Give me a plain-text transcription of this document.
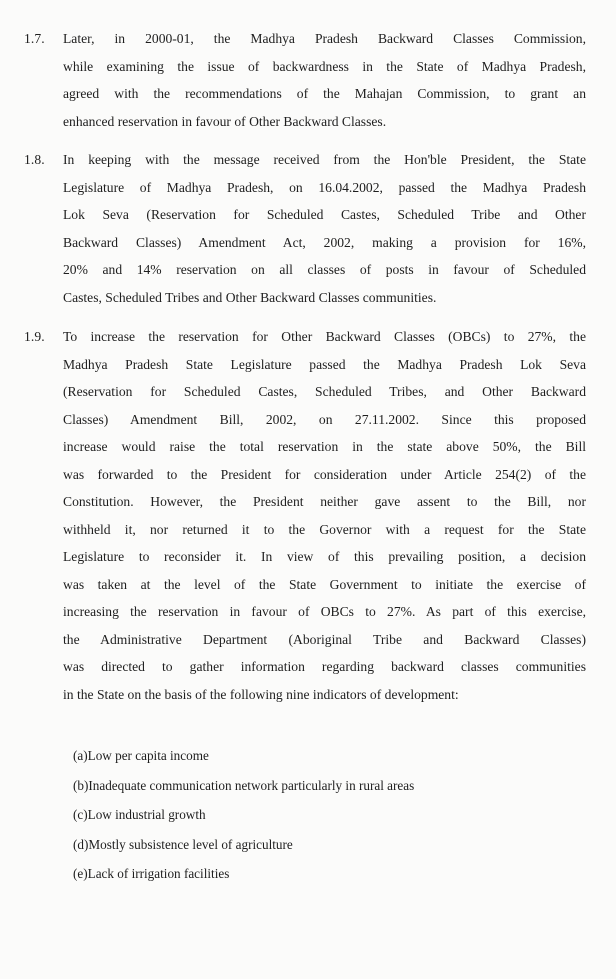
1.7. Later, in 2000-01, the Madhya Pradesh Backward Classes Commission,
while examining the issue of backwardness in the State of Madhya Pradesh,
agreed with the recommendations of the Mahajan Commission, to grant an
enhanced reservation in favour of Other Backward Classes.
1.8. In keeping with the message received from the Hon'ble President, the State
Legislature of Madhya Pradesh, on 16.04.2002, passed the Madhya Pradesh
Lok Seva (Reservation for Scheduled Castes, Scheduled Tribe and Other
Backward Classes) Amendment Act, 2002, making a provision for 16%,
20% and 14% reservation on all classes of posts in favour of Scheduled
Castes, Scheduled Tribes and Other Backward Classes communities.
1.9. To increase the reservation for Other Backward Classes (OBCs) to 27%, the
Madhya Pradesh State Legislature passed the Madhya Pradesh Lok Seva
(Reservation for Scheduled Castes, Scheduled Tribes, and Other Backward
Classes) Amendment Bill, 2002, on 27.11.2002. Since this proposed
increase would raise the total reservation in the state above 50%, the Bill
was forwarded to the President for consideration under Article 254(2) of the
Constitution. However, the President neither gave assent to the Bill, nor
withheld it, nor returned it to the Governor with a request for the State
Legislature to reconsider it. In view of this prevailing position, a decision
was taken at the level of the State Government to initiate the exercise of
increasing the reservation in favour of OBCs to 27%. As part of this exercise,
the Administrative Department (Aboriginal Tribe and Backward Classes)
was directed to gather information regarding backward classes communities
in the State on the basis of the following nine indicators of development:
(a)Low per capita income
(b)Inadequate communication network particularly in rural areas
(c)Low industrial growth
(d)Mostly subsistence level of agriculture
(e)Lack of irrigation facilities
